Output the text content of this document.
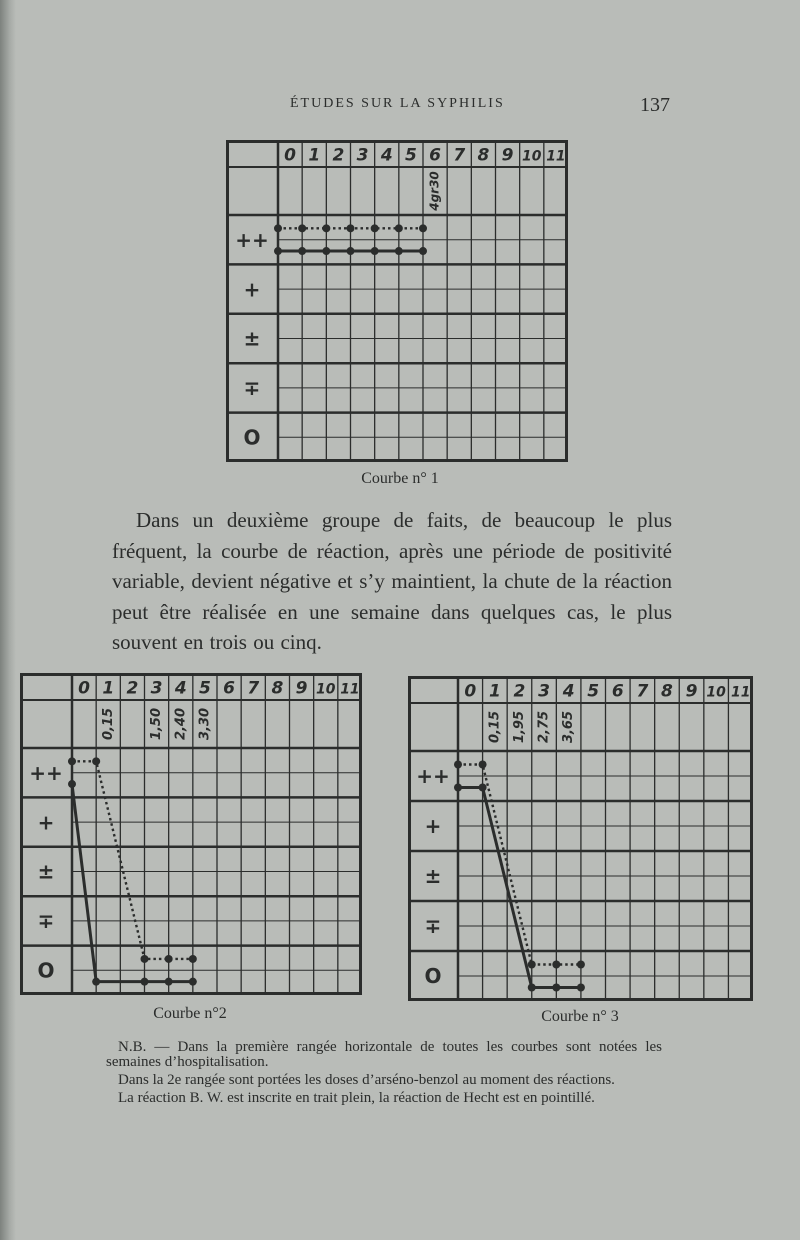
ÉTUDES SUR LA SYPHILIS	137
++
+
±
∓
O
0 1 2 3 4 5 6 7 8 9 10 11
4gr30
Courbe n° 1

Dans un deuxième groupe de faits, de beaucoup le plus fréquent, la courbe de réaction, après une période de positivité variable, devient négative et s’y maintient, la chute de la réaction peut être réalisée en une semaine dans quelques cas, le plus souvent en trois ou cinq.

++
+
±
∓
O
0 1 2 3 4 5 6 7 8 9 10 11
0,15	1,50 2,40 3,30
Courbe n°2
++
+
±
∓
O
0 1 2 3 4 5 6 7 8 9 10 11
0,15 1,95 2,75 3,65
Courbe n° 3

N.B. — Dans la première rangée horizontale de toutes les courbes sont notées les semaines d’hospitalisation.

Dans la 2e rangée sont portées les doses d’arséno-benzol au moment des réactions.

La réaction B. W. est inscrite en trait plein, la réaction de Hecht est en pointillé.
